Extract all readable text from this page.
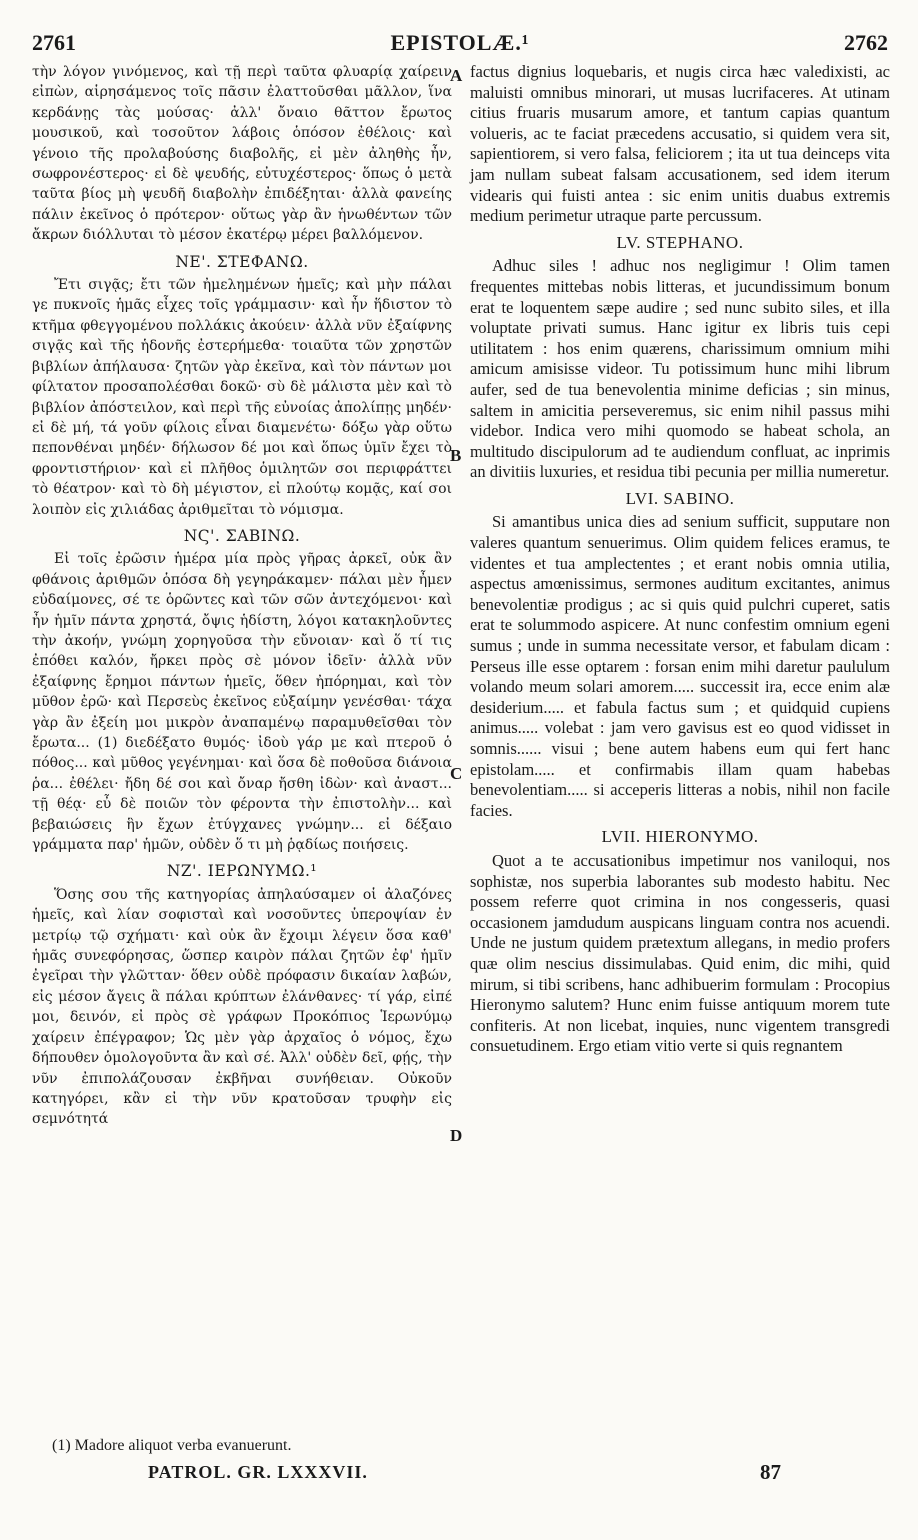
2761	EPISTOLÆ.¹	2762

τὴν λόγον γινόμενος, καὶ τῇ περὶ ταῦτα φλυαρίᾳ χαίρειν εἰπὼν, αἱρησάμενος τοῖς πᾶσιν ἐλαττοῦσθαι μᾶλλον, ἵνα κερδάνῃς τὰς μούσας· ἀλλ' ὄναιο θᾶττον ἔρωτος μουσικοῦ, καὶ τοσοῦτον λάβοις ὁπόσον ἐθέλοις· καὶ γένοιο τῆς προλαβούσης διαβολῆς, εἰ μὲν ἀληθὴς ἦν, σωφρονέστερος· εἰ δὲ ψευδής, εὐτυχέστερος· ὅπως ὁ μετὰ ταῦτα βίος μὴ ψευδῆ διαβολὴν ἐπιδέξηται· ἀλλὰ φανείης πάλιν ἐκεῖνος ὁ πρότερον· οὕτως γὰρ ἂν ἡνωθέντων τῶν ἄκρων διόλλυται τὸ μέσον ἑκατέρῳ μέρει βαλλόμενον.

ΝΕ'. ΣΤΕΦΑΝΩ.

Ἔτι σιγᾷς; ἔτι τῶν ἠμελημένων ἡμεῖς; καὶ μὴν πάλαι γε πυκνοῖς ἡμᾶς εἶχες τοῖς γράμμασιν· καὶ ἦν ἥδιστον τὸ κτῆμα φθεγγομένου πολλάκις ἀκούειν· ἀλλὰ νῦν ἐξαίφνης σιγᾷς καὶ τῆς ἡδονῆς ἐστερήμεθα· τοιαῦτα τῶν χρηστῶν βιβλίων ἀπήλαυσα· ζητῶν γὰρ ἐκεῖνα, καὶ τὸν πάντων μοι φίλτατον προσαπολέσθαι δοκῶ· σὺ δὲ μάλιστα μὲν καὶ τὸ βιβλίον ἀπόστειλον, καὶ περὶ τῆς εὐνοίας ἀπολίπῃς μηδέν· εἰ δὲ μή, τά γοῦν φίλοις εἶναι διαμενέτω· δόξω γὰρ οὕτω πεπονθέναι μηδέν· δήλωσον δέ μοι καὶ ὅπως ὑμῖν ἔχει τὸ φροντιστήριον· καὶ εἰ πλῆθος ὁμιλητῶν σοι περιφράττει τὸ θέατρον· καὶ τὸ δὴ μέγιστον, εἰ πλούτῳ κομᾷς, καί σοι λοιπὸν εἰς χιλιάδας ἀριθμεῖται τὸ νόμισμα.

ΝϚ'. ΣΑΒΙΝΩ.

Εἰ τοῖς ἐρῶσιν ἡμέρα μία πρὸς γῆρας ἀρκεῖ, οὐκ ἂν φθάνοις ἀριθμῶν ὁπόσα δὴ γεγηράκαμεν· πάλαι μὲν ἦμεν εὐδαίμονες, σέ τε ὁρῶντες καὶ τῶν σῶν ἀντεχόμενοι· καὶ ἦν ἡμῖν πάντα χρηστά, ὄψις ἡδίστη, λόγοι κατακηλοῦντες τὴν ἀκοήν, γνώμη χορηγοῦσα τὴν εὔνοιαν· καὶ ὅ τί τις ἐπόθει καλόν, ἤρκει πρὸς σὲ μόνον ἰδεῖν· ἀλλὰ νῦν ἐξαίφνης ἔρημοι πάντων ἡμεῖς, ὅθεν ἠπόρημαι, καὶ τὸν μῦθον ἐρῶ· καὶ Περσεὺς ἐκεῖνος εὐξαίμην γενέσθαι· τάχα γὰρ ἂν ἐξείη μοι μικρὸν ἀναπαμένῳ παραμυθεῖσθαι τὸν ἔρωτα... (1) διεδέξατο θυμός· ἰδοὺ γάρ με καὶ πτεροῦ ὁ πόθος... καὶ μῦθος γεγένημαι· καὶ ὅσα δὲ ποθοῦσα διάνοια ῥα... ἐθέλει· ἤδη δέ σοι καὶ ὄναρ ἤσθη ἰδὼν· καὶ ἀναστ... τῇ θέᾳ· εὖ δὲ ποιῶν τὸν φέροντα τὴν ἐπιστολὴν... καὶ βεβαιώσεις ἣν ἔχων ἐτύγχανες γνώμην... εἰ δέξαιο γράμματα παρ' ἡμῶν, οὐδὲν ὅ τι μὴ ῥᾳδίως ποιήσεις.

ΝΖ'. ΙΕΡΩΝΥΜΩ.¹

Ὅσης σου τῆς κατηγορίας ἀπηλαύσαμεν οἱ ἀλαζόνες ἡμεῖς, καὶ λίαν σοφισταὶ καὶ νοσοῦντες ὑπεροψίαν ἐν μετρίῳ τῷ σχήματι· καὶ οὐκ ἂν ἔχοιμι λέγειν ὅσα καθ' ἡμᾶς συνεφόρησας, ὥσπερ καιρὸν πάλαι ζητῶν ἐφ' ἡμῖν ἐγεῖραι τὴν γλῶτταν· ὅθεν οὐδὲ πρόφασιν δικαίαν λαβών, εἰς μέσον ἄγεις ἃ πάλαι κρύπτων ἐλάνθανες· τί γάρ, εἰπέ μοι, δεινόν, εἰ πρὸς σὲ γράφων Προκόπιος Ἱερωνύμῳ χαίρειν ἐπέγραφον; Ὡς μὲν γὰρ ἀρχαῖος ὁ νόμος, ἔχω δήπουθεν ὁμολογοῦντα ἂν καὶ σέ. Ἀλλ' οὐδὲν δεῖ, φῄς, τὴν νῦν ἐπιπολάζουσαν ἐκβῆναι συνήθειαν. Οὐκοῦν κατηγόρει, κἂν εἰ τὴν νῦν κρατοῦσαν τρυφὴν εἰς σεμνότητά

A
B
C
D

factus dignius loquebaris, et nugis circa hæc valedixisti, ac maluisti omnibus minorari, ut musas lucrifaceres. At utinam citius fruaris musarum amore, et tantum capias quantum volueris, ac te faciat præcedens accusatio, si quidem vera sit, sapientiorem, si vero falsa, feliciorem ; ita ut tua deinceps vita jam nullam subeat falsam accusationem, sed idem iterum videaris qui fuisti antea : sic enim unitis duabus extremis medium perimetur utraque parte percussum.

LV. STEPHANO.

Adhuc siles ! adhuc nos negligimur ! Olim tamen frequentes mittebas nobis litteras, et jucundissimum bonum erat te loquentem sæpe audire ; sed nunc subito siles, et illa voluptate privati sumus. Hanc igitur ex libris tuis cepi utilitatem : hos enim quærens, charissimum omnium mihi amicum amisisse videor. Tu potissimum hunc mihi librum aufer, sed de tua benevolentia minime deficias ; sin minus, saltem in amicitia perseveremus, sic enim nihil passus mihi videbor. Indica vero mihi quomodo se habeat schola, an multitudo discipulorum ad te audiendum confluat, ac inprimis an divitiis luxuries, et residua tibi pecunia per millia numeretur.

LVI. SABINO.

Si amantibus unica dies ad senium sufficit, supputare non valeres quantum senuerimus. Olim quidem felices eramus, te videntes et tua amplectentes ; et erant nobis omnia utilia, aspectus amœnissimus, sermones auditum excitantes, animus benevolentiæ prodigus ; ac si quis quid pulchri cuperet, satis erat te solummodo aspicere. At nunc confestim omnium egeni sumus ; unde in summa necessitate versor, et fabulam dicam : Perseus ille esse optarem : forsan enim mihi daretur paululum volando meum solari amorem..... successit ira, ecce enim alæ desiderium..... et fabula factus sum ; et quidquid cupiens animus..... volebat : jam vero gavisus est eo quod vidisset in somnis...... visui ; bene autem habens eum qui fert hanc epistolam..... et confirmabis illam quam habebas benevolentiam..... si acceperis litteras a nobis, nihil non facile facies.

LVII. HIERONYMO.

Quot a te accusationibus impetimur nos vaniloqui, nos sophistæ, nos superbia laborantes sub modesto habitu. Nec possem referre quot crimina in nos congesseris, quasi occasionem jamdudum auspicans linguam contra nos acuendi. Unde ne justum quidem prætextum allegans, in medio profers quæ olim nescius dissimulabas. Quid enim, dic mihi, quid mirum, si tibi scribens, hanc adhibuerim formulam : Procopius Hieronymo salutem? Hunc enim fuisse antiquum morem tute confiteris. At non licebat, inquies, nunc vigentem transgredi consuetudinem. Ergo etiam vitio verte si quis regnantem

(1) Madore aliquot verba evanuerunt.
PATROL. GR. LXXXVII.	87
